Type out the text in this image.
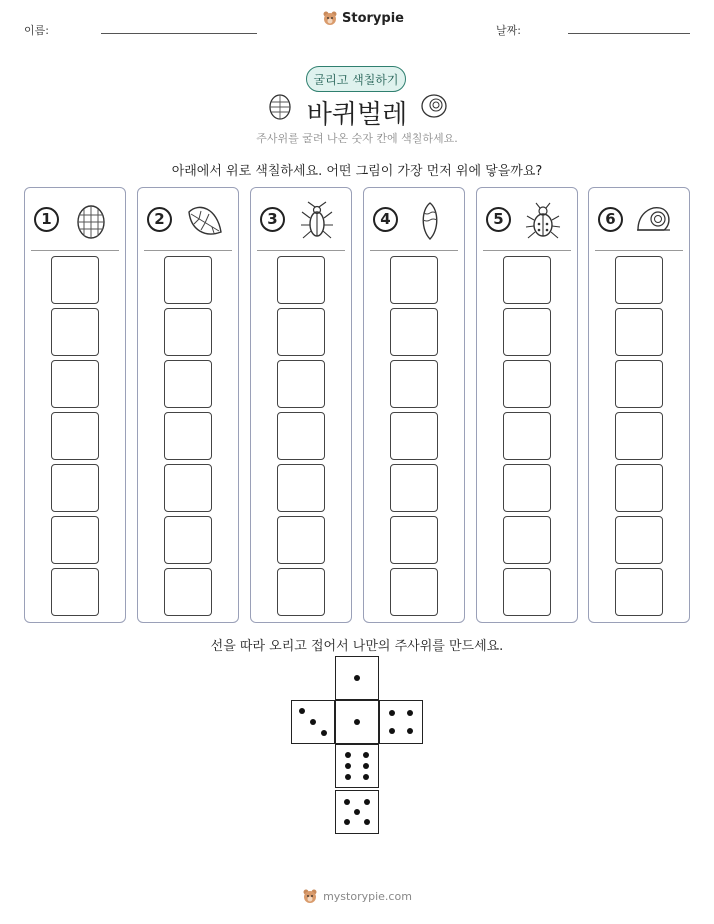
이름:
Storypie
날짜:
굴리고 색칠하기
바퀴벌레
주사위를 굴려 나온 숫자 칸에 색칠하세요.
아래에서 위로 색칠하세요. 어떤 그림이 가장 먼저 위에 닿을까요?
1	2	3	4	5	6
선을 따라 오리고 접어서 나만의 주사위를 만드세요.
mystorypie.com
